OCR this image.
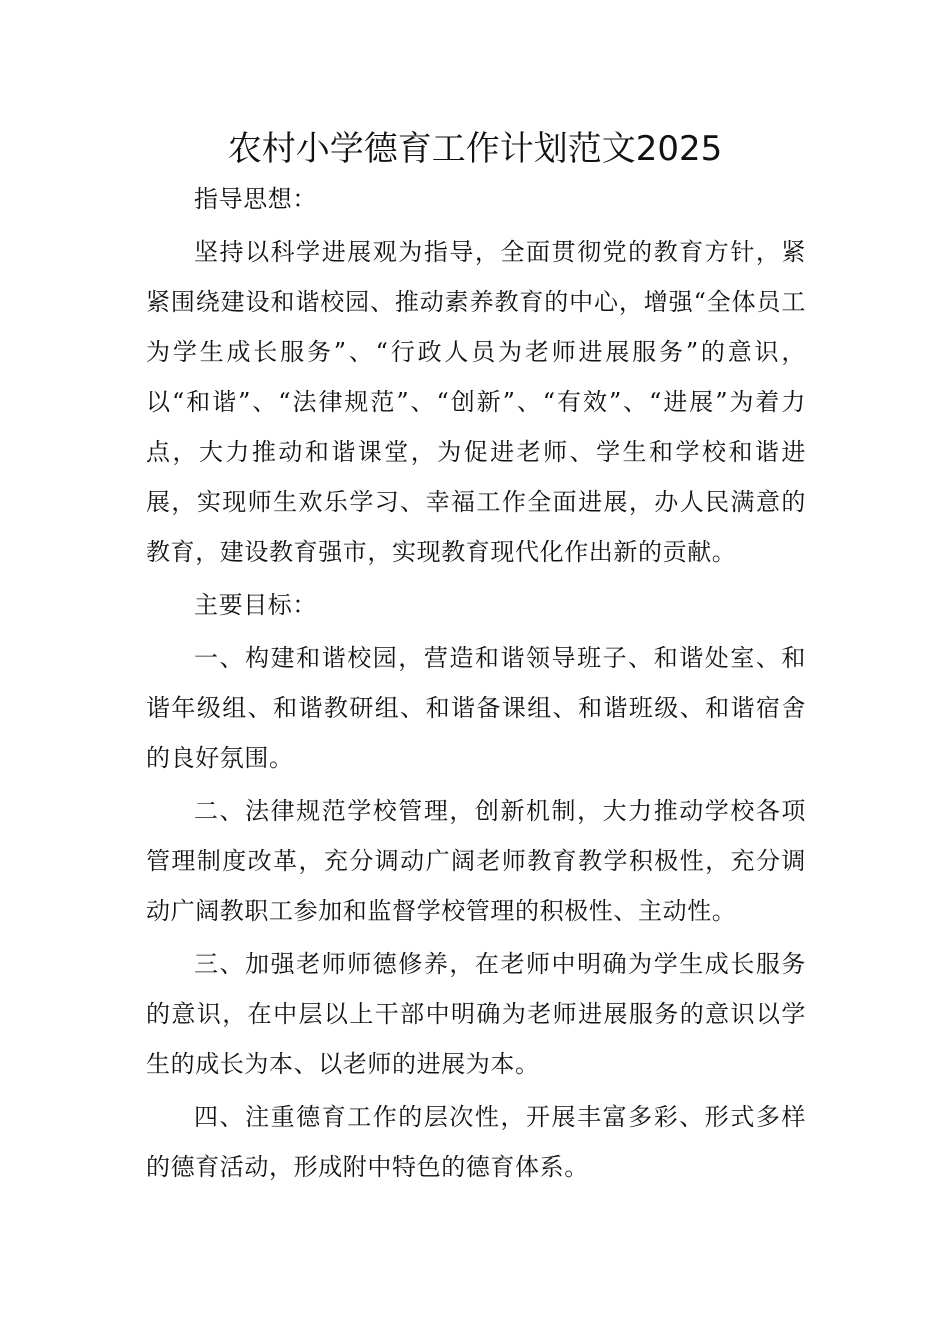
农村小学德育工作计划范文2025

指导思想：

坚持以科学进展观为指导，全面贯彻党的教育方针，紧紧围绕建设和谐校园、推动素养教育的中心，增强“全体员工为学生成长服务”、“行政人员为老师进展服务”的意识，以“和谐”、“法律规范”、“创新”、“有效”、“进展”为着力点，大力推动和谐课堂，为促进老师、学生和学校和谐进展，实现师生欢乐学习、幸福工作全面进展，办人民满意的教育，建设教育强市，实现教育现代化作出新的贡献。

主要目标：

一、构建和谐校园，营造和谐领导班子、和谐处室、和谐年级组、和谐教研组、和谐备课组、和谐班级、和谐宿舍的良好氛围。

二、法律规范学校管理，创新机制，大力推动学校各项管理制度改革，充分调动广阔老师教育教学积极性，充分调动广阔教职工参加和监督学校管理的积极性、主动性。

三、加强老师师德修养，在老师中明确为学生成长服务的意识，在中层以上干部中明确为老师进展服务的意识以学生的成长为本、以老师的进展为本。

四、注重德育工作的层次性，开展丰富多彩、形式多样的德育活动，形成附中特色的德育体系。
